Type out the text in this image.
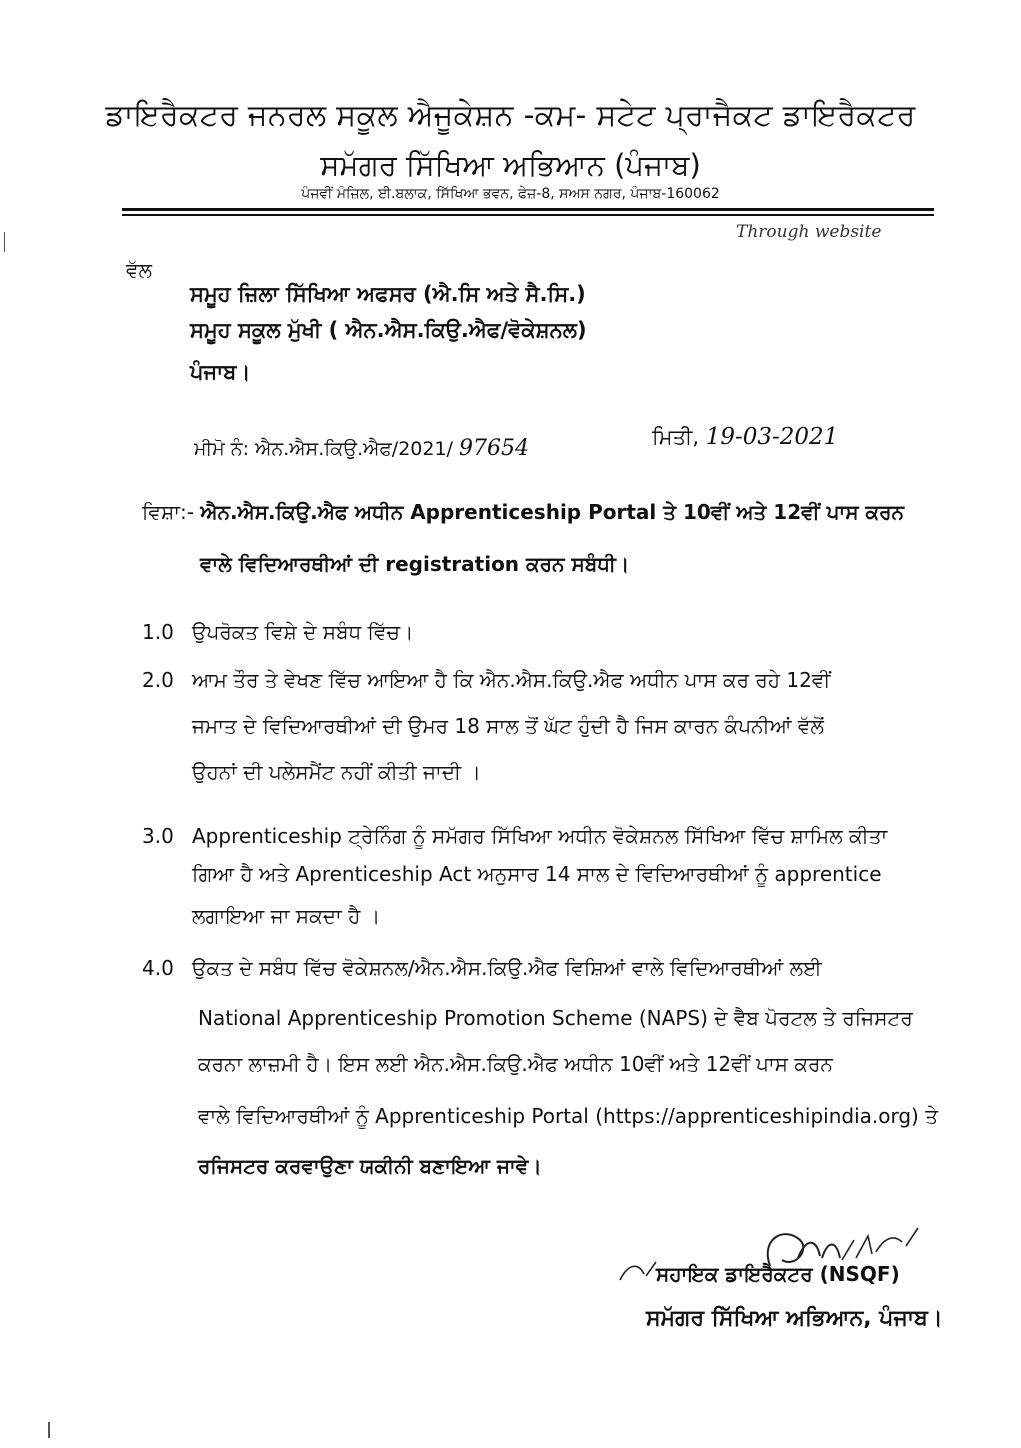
ਡਾਇਰੈਕਟਰ ਜਨਰਲ ਸਕੂਲ ਐਜੂਕੇਸ਼ਨ -ਕਮ- ਸਟੇਟ ਪ੍ਰਾਜੈਕਟ ਡਾਇਰੈਕਟਰ
ਸਮੱਗਰ ਸਿੱਖਿਆ ਅਭਿਆਨ (ਪੰਜਾਬ)
ਪੰਜਵੀਂ ਮੰਜ਼ਿਲ, ਈ.ਬਲਾਕ, ਸਿੱਖਿਆ ਭਵਨ, ਫੇਜ਼-8, ਸਅਸ ਨਗਰ, ਪੰਜਾਬ-160062
Through website
ਵੱਲ
ਸਮੂਹ ਜ਼ਿਲਾ ਸਿੱਖਿਆ ਅਫਸਰ (ਐ.ਸਿ ਅਤੇ ਸੈ.ਸਿ.)
ਸਮੂਹ ਸਕੂਲ ਮੁੱਖੀ ( ਐਨ.ਐਸ.ਕਿਉ.ਐਫ/ਵੋਕੇਸ਼ਨਲ)
ਪੰਜਾਬ।
ਮੀਮੋ ਨੰ: ਐਨ.ਐਸ.ਕਿਉ.ਐਫ/2021/ 97654	ਮਿਤੀ, 19-03-2021
ਵਿਸ਼ਾ:- ਐਨ.ਐਸ.ਕਿਉ.ਐਫ ਅਧੀਨ Apprenticeship Portal ਤੇ 10ਵੀਂ ਅਤੇ 12ਵੀਂ ਪਾਸ ਕਰਨ
ਵਾਲੇ ਵਿਦਿਆਰਥੀਆਂ ਦੀ registration ਕਰਨ ਸਬੰਧੀ।
1.0 ਉਪਰੋਕਤ ਵਿਸ਼ੇ ਦੇ ਸਬੰਧ ਵਿੱਚ।
2.0 ਆਮ ਤੌਰ ਤੇ ਵੇਖਣ ਵਿੱਚ ਆਇਆ ਹੈ ਕਿ ਐਨ.ਐਸ.ਕਿਉ.ਐਫ ਅਧੀਨ ਪਾਸ ਕਰ ਰਹੇ 12ਵੀਂ
ਜਮਾਤ ਦੇ ਵਿਦਿਆਰਥੀਆਂ ਦੀ ਉਮਰ 18 ਸਾਲ ਤੋਂ ਘੱਟ ਹੁੰਦੀ ਹੈ ਜਿਸ ਕਾਰਨ ਕੰਪਨੀਆਂ ਵੱਲੋਂ
ਉਹਨਾਂ ਦੀ ਪਲੇਸਮੈਂਟ ਨਹੀਂ ਕੀਤੀ ਜਾਦੀ ।
3.0 Apprenticeship ਟ੍ਰੇਨਿੰਗ ਨੂੰ ਸਮੱਗਰ ਸਿੱਖਿਆ ਅਧੀਨ ਵੋਕੇਸ਼ਨਲ ਸਿੱਖਿਆ ਵਿੱਚ ਸ਼ਾਮਿਲ ਕੀਤਾ
ਗਿਆ ਹੈ ਅਤੇ Aprenticeship Act ਅਨੁਸਾਰ 14 ਸਾਲ ਦੇ ਵਿਦਿਆਰਥੀਆਂ ਨੂੰ apprentice
ਲਗਾਇਆ ਜਾ ਸਕਦਾ ਹੈ ।
4.0 ਉਕਤ ਦੇ ਸਬੰਧ ਵਿੱਚ ਵੋਕੇਸ਼ਨਲ/ਐਨ.ਐਸ.ਕਿਉ.ਐਫ ਵਿਸ਼ਿਆਂ ਵਾਲੇ ਵਿਦਿਆਰਥੀਆਂ ਲਈ
National Apprenticeship Promotion Scheme (NAPS) ਦੇ ਵੈਬ ਪੋਰਟਲ ਤੇ ਰਜਿਸਟਰ
ਕਰਨਾ ਲਾਜ਼ਮੀ ਹੈ। ਇਸ ਲਈ ਐਨ.ਐਸ.ਕਿਉ.ਐਫ ਅਧੀਨ 10ਵੀਂ ਅਤੇ 12ਵੀਂ ਪਾਸ ਕਰਨ
ਵਾਲੇ ਵਿਦਿਆਰਥੀਆਂ ਨੂੰ Apprenticeship Portal (https://apprenticeshipindia.org) ਤੇ
ਰਜਿਸਟਰ ਕਰਵਾਉਣਾ ਯਕੀਨੀ ਬਣਾਇਆ ਜਾਵੇ।
ਸਹਾਇਕ ਡਾਇਰੈਕਟਰ (NSQF)
ਸਮੱਗਰ ਸਿੱਖਿਆ ਅਭਿਆਨ, ਪੰਜਾਬ।
